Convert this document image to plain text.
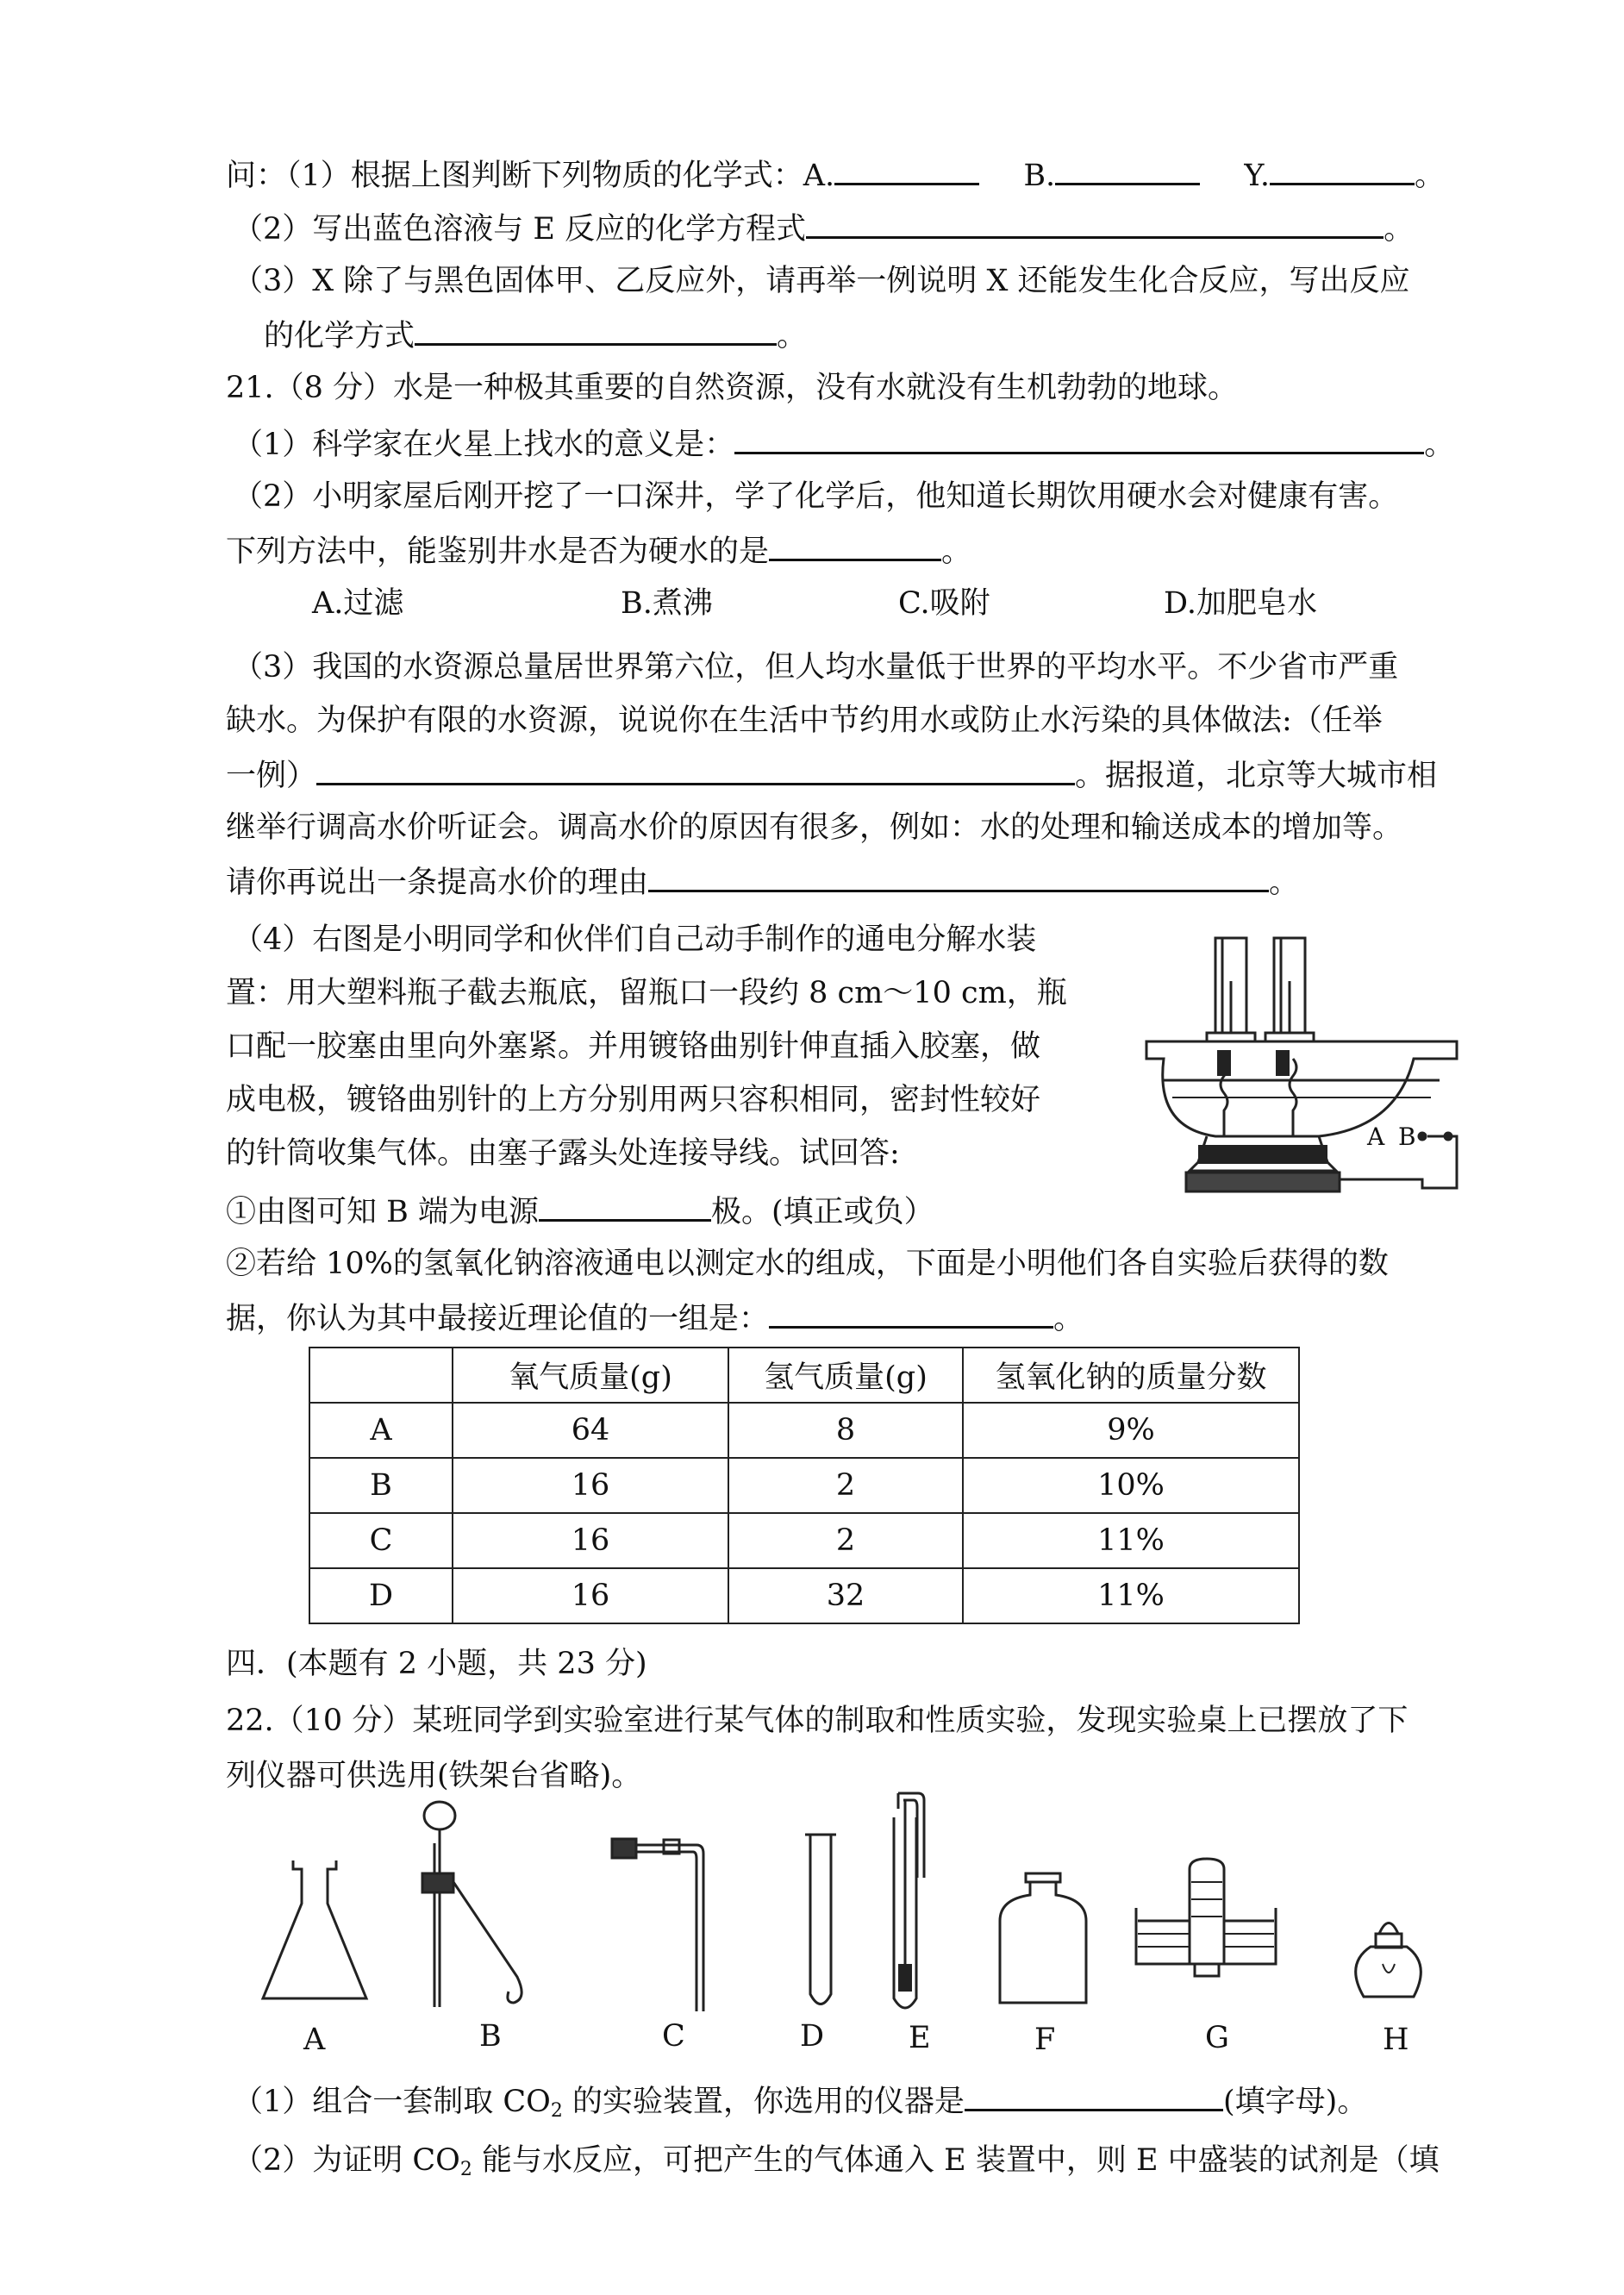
问：（1）根据上图判断下列物质的化学式：A.	B.	Y.	。
（2）写出蓝色溶液与 E 反应的化学方程式	。
（3）X 除了与黑色固体甲、乙反应外，请再举一例说明 X 还能发生化合反应，写出反应
的化学方式	。
21.（8 分）水是一种极其重要的自然资源，没有水就没有生机勃勃的地球。
（1）科学家在火星上找水的意义是：	。
（2）小明家屋后刚开挖了一口深井，学了化学后，他知道长期饮用硬水会对健康有害。
下列方法中，能鉴别井水是否为硬水的是	。
A.过滤	B.煮沸	C.吸附	D.加肥皂水
（3）我国的水资源总量居世界第六位，但人均水量低于世界的平均水平。不少省市严重
缺水。为保护有限的水资源，说说你在生活中节约用水或防止水污染的具体做法:（任举
一例）	。据报道，北京等大城市相
继举行调高水价听证会。调高水价的原因有很多，例如：水的处理和输送成本的增加等。
请你再说出一条提高水价的理由	。
（4）右图是小明同学和伙伴们自己动手制作的通电分解水装
置：用大塑料瓶子截去瓶底，留瓶口一段约 8 cm～10 cm，瓶
口配一胶塞由里向外塞紧。并用镀铬曲别针伸直插入胶塞，做
成电极，镀铬曲别针的上方分别用两只容积相同，密封性较好
的针筒收集气体。由塞子露头处连接导线。试回答:	A B
①由图可知 B 端为电源	极。(填正或负）
②若给 10%的氢氧化钠溶液通电以测定水的组成，下面是小明他们各自实验后获得的数
据，你认为其中最接近理论值的一组是：	。
	氧气质量(g)	氢气质量(g)	氢氧化钠的质量分数
A	64	8	9%
B	16	2	10%
C	16	2	11%
D	16	32	11%
四．(本题有 2 小题，共 23 分)
22.（10 分）某班同学到实验室进行某气体的制取和性质实验，发现实验桌上已摆放了下
列仪器可供选用(铁架台省略)。
A	B	C	D	E	F	G	H
（1）组合一套制取 $CO_2$ 的实验装置，你选用的仪器是	(填字母)。
（2）为证明 $CO_2$ 能与水反应，可把产生的气体通入 E 装置中，则 E 中盛装的试剂是（填
